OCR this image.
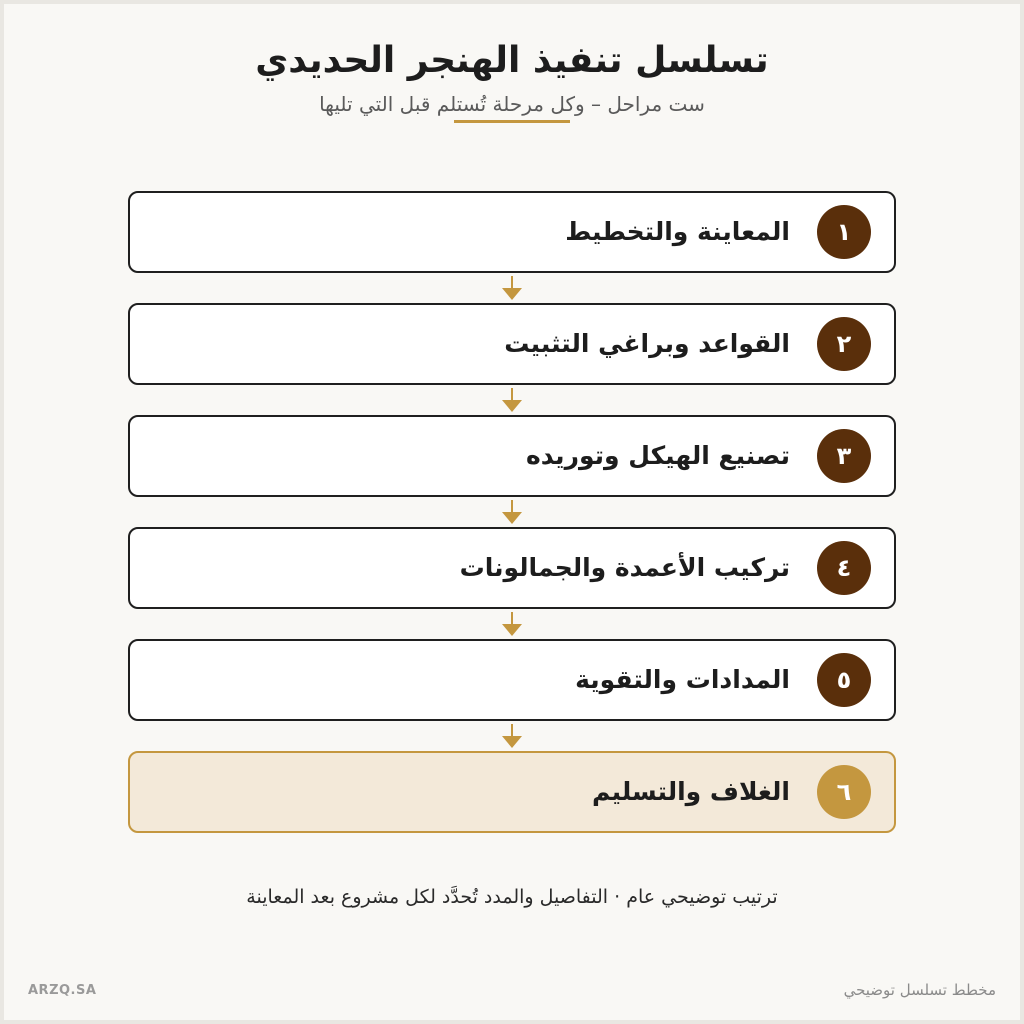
تسلسل تنفيذ الهنجر الحديدي
ست مراحل – وكل مرحلة تُستلم قبل التي تليها
١
المعاينة والتخطيط
٢
القواعد وبراغي التثبيت
٣
تصنيع الهيكل وتوريده
٤
تركيب الأعمدة والجمالونات
٥
المدادات والتقوية
٦
الغلاف والتسليم
ترتيب توضيحي عام · التفاصيل والمدد تُحدَّد لكل مشروع بعد المعاينة
ARZQ.SA	مخطط تسلسل توضيحي
